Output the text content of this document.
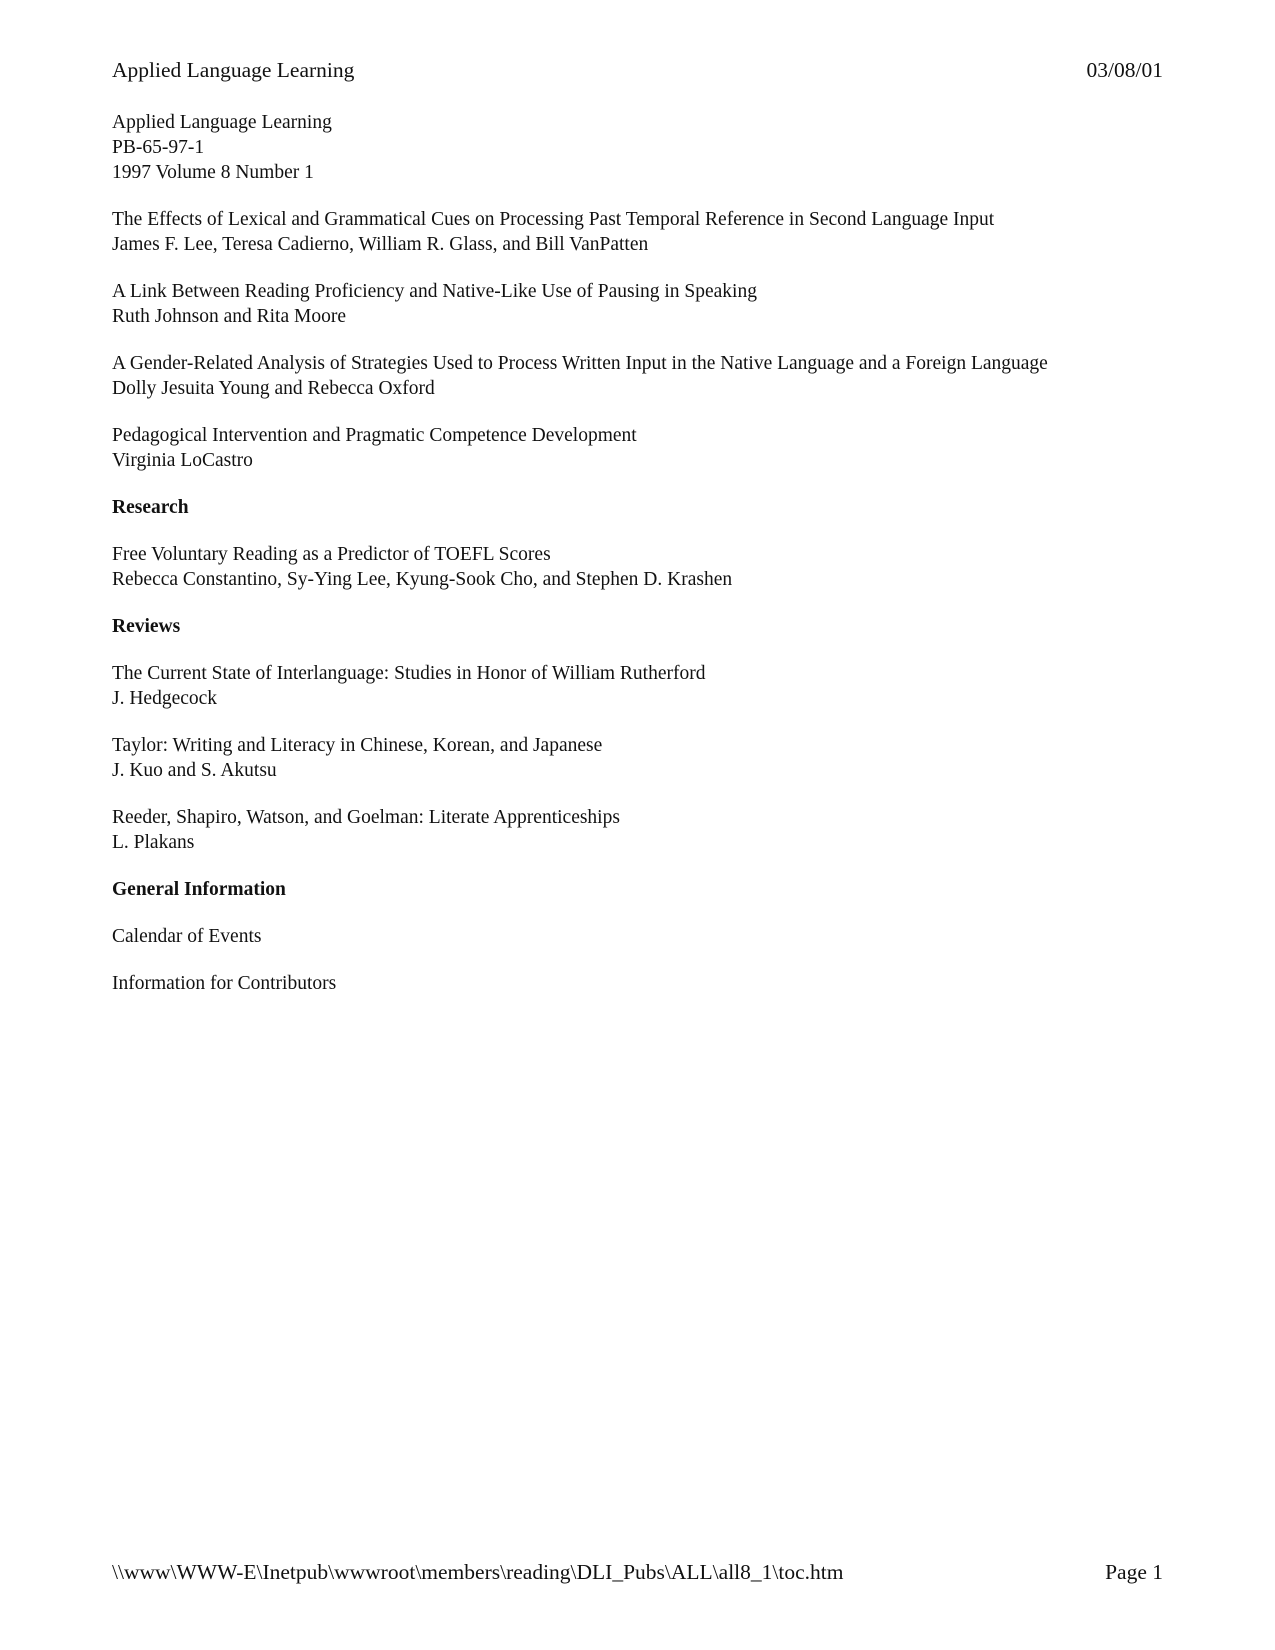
Applied Language Learning	03/08/01
Applied Language Learning
PB-65-97-1
1997 Volume 8 Number 1
The Effects of Lexical and Grammatical Cues on Processing Past Temporal Reference in Second Language Input
James F. Lee, Teresa Cadierno, William R. Glass, and Bill VanPatten
A Link Between Reading Proficiency and Native-Like Use of Pausing in Speaking
Ruth Johnson and Rita Moore
A Gender-Related Analysis of Strategies Used to Process Written Input in the Native Language and a Foreign Language
Dolly Jesuita Young and Rebecca Oxford
Pedagogical Intervention and Pragmatic Competence Development
Virginia LoCastro
Research
Free Voluntary Reading as a Predictor of TOEFL Scores
Rebecca Constantino, Sy-Ying Lee, Kyung-Sook Cho, and Stephen D. Krashen
Reviews
The Current State of Interlanguage: Studies in Honor of William Rutherford
J. Hedgecock
Taylor: Writing and Literacy in Chinese, Korean, and Japanese
J. Kuo and S. Akutsu
Reeder, Shapiro, Watson, and Goelman: Literate Apprenticeships
L. Plakans
General Information
Calendar of Events
Information for Contributors
\\www\WWW-E\Inetpub\wwwroot\members\reading\DLI_Pubs\ALL\all8_1\toc.htm	Page 1
